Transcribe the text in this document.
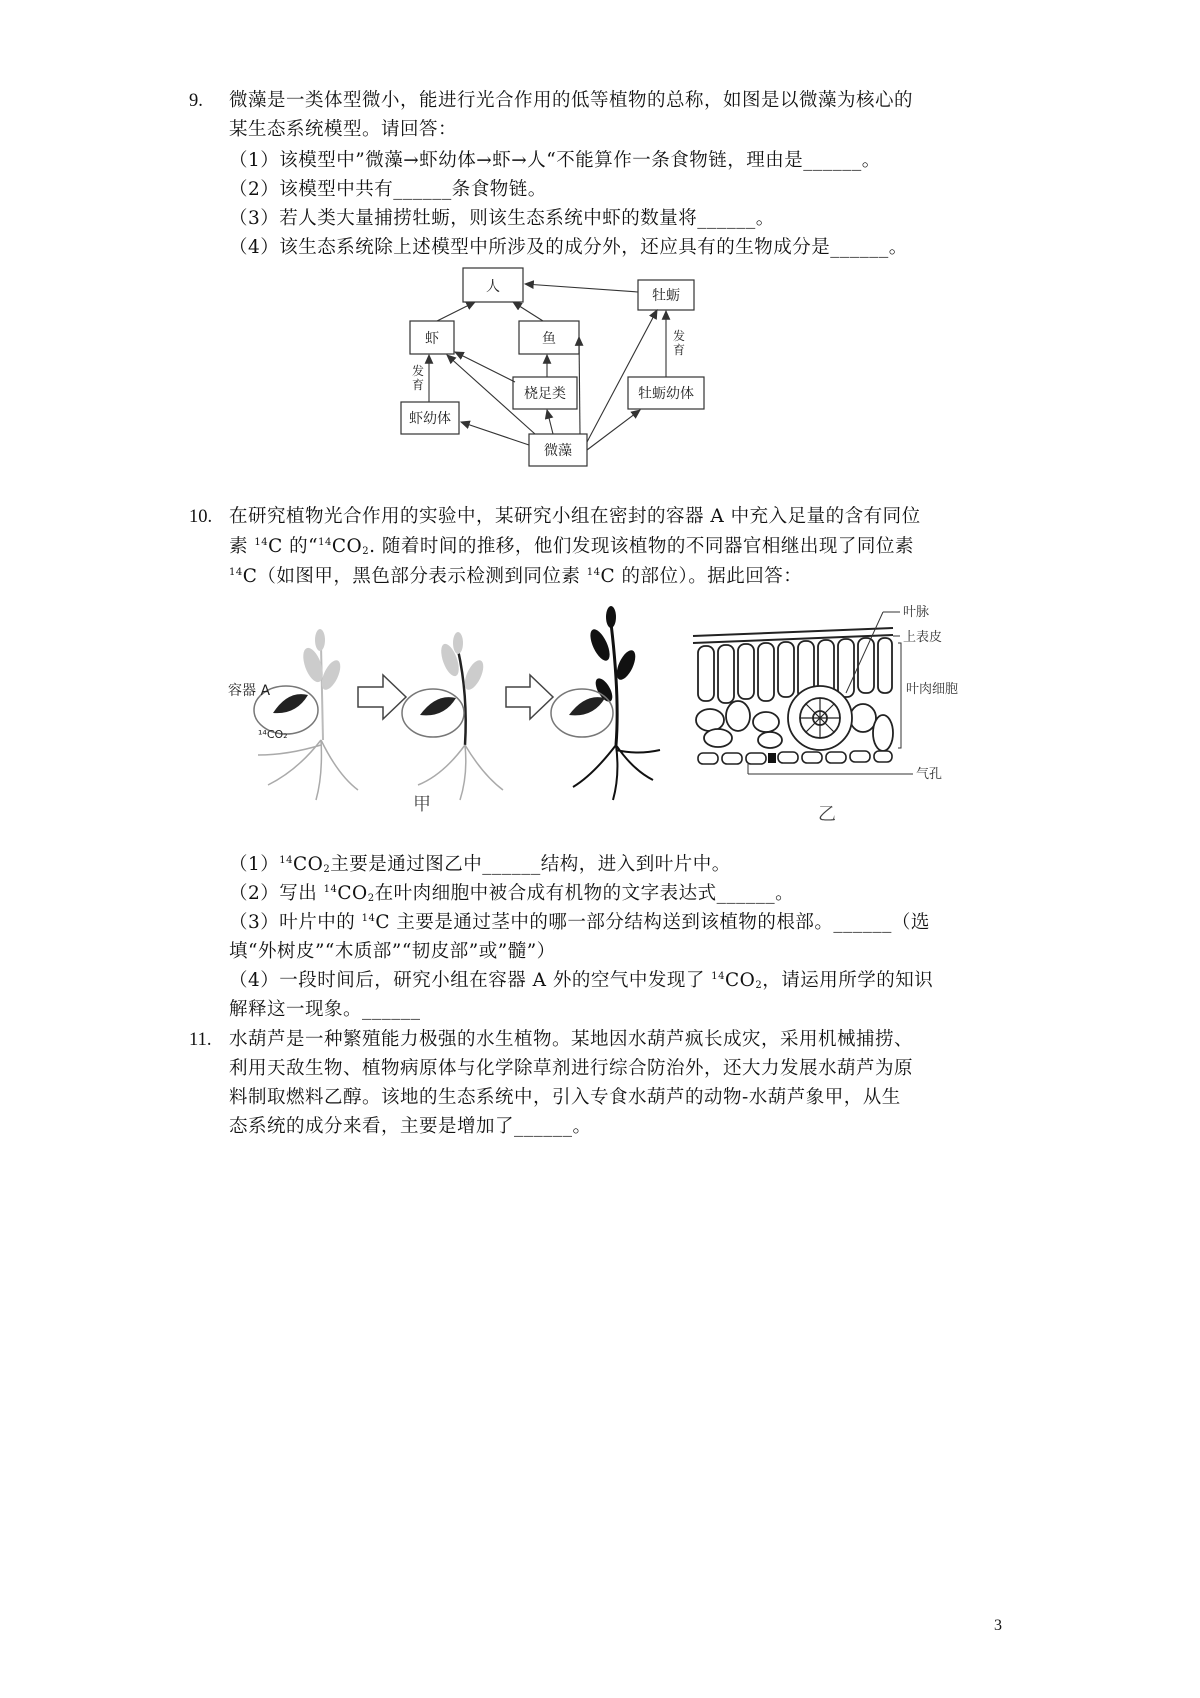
9. 微藻是一类体型微小，能进行光合作用的低等植物的总称，如图是以微藻为核心的
某生态系统模型。请回答：
（1）该模型中”微藻→虾幼体→虾→人“不能算作一条食物链，理由是______。
（2）该模型中共有______条食物链。
（3）若人类大量捕捞牡蛎，则该生态系统中虾的数量将______。
（4）该生态系统除上述模型中所涉及的成分外，还应具有的生物成分是______。
人
牡蛎
虾	鱼
桡足类	牡蛎幼体
虾幼体
微藻
发
育
发
育
10. 在研究植物光合作用的实验中，某研究小组在密封的容器 A 中充入足量的含有同位
素 $^{14}$C 的“$^{14}CO_2$. 随着时间的推移，他们发现该植物的不同器官相继出现了同位素
$^{14}$C（如图甲，黑色部分表示检测到同位素 $^{14}$C 的部位）。据此回答：
容器 A
¹⁴CO₂
甲
叶脉
上表皮
叶肉细胞
气孔
乙
$(1)^{14}CO_2$主要是通过图乙中______结构，进入到叶片中。
（2）写出 $^{14}CO_2$在叶肉细胞中被合成有机物的文字表达式______。
（3）叶片中的 $^{14}$C 主要是通过茎中的哪一部分结构送到该植物的根部。______（选
填“外树皮”“木质部”“韧皮部”或”髓”）
（4）一段时间后，研究小组在容器 A 外的空气中发现了 $^{14}CO_2$，请运用所学的知识
解释这一现象。______
11. 水葫芦是一种繁殖能力极强的水生植物。某地因水葫芦疯长成灾，采用机械捕捞、
利用天敌生物、植物病原体与化学除草剂进行综合防治外，还大力发展水葫芦为原
料制取燃料乙醇。该地的生态系统中，引入专食水葫芦的动物-水葫芦象甲，从生
态系统的成分来看，主要是增加了______。
3
